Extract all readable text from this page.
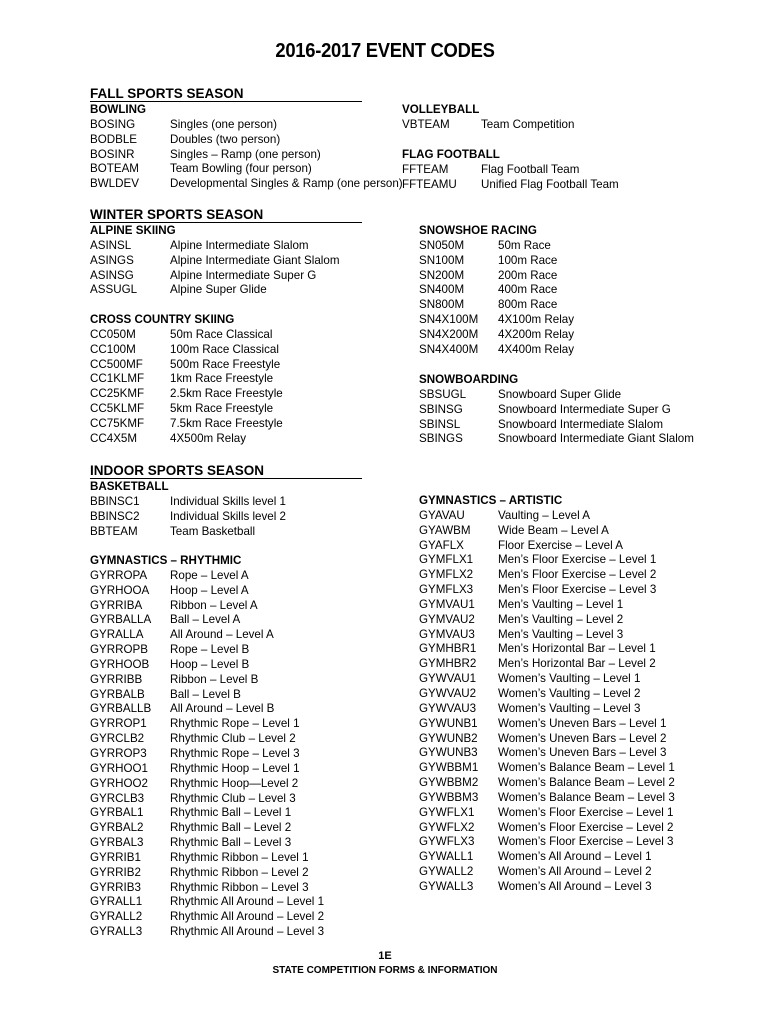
2016-2017 EVENT CODES
FALL SPORTS SEASON
BOWLING
BOSING	Singles (one person)
BODBLE	Doubles (two person)
BOSINR	Singles – Ramp (one person)
BOTEAM	Team Bowling (four person)
BWLDEV	Developmental Singles & Ramp (one person)
VOLLEYBALL
VBTEAM	Team Competition
FLAG FOOTBALL
FFTEAM	Flag Football Team
FFTEAMU Unified Flag Football Team
WINTER SPORTS SEASON
ALPINE SKIING
ASINSL	Alpine Intermediate Slalom
ASINGS	Alpine Intermediate Giant Slalom
ASINSG	Alpine Intermediate Super G
ASSUGL	Alpine Super Glide
CROSS COUNTRY SKIING
CC050M	50m Race Classical
CC100M	100m Race Classical
CC500MF 500m Race Freestyle
CC1KLMF 1km Race Freestyle
CC25KMF 2.5km Race Freestyle
CC5KLMF 5km Race Freestyle
CC75KMF 7.5km Race Freestyle
CC4X5M	4X500m Relay
SNOWSHOE RACING
SN050M	50m Race
SN100M	100m Race
SN200M	200m Race
SN400M	400m Race
SN800M	800m Race
SN4X100M 4X100m Relay
SN4X200M 4X200m Relay
SN4X400M 4X400m Relay
SNOWBOARDING
SBSUGL	Snowboard Super Glide
SBINSG	Snowboard Intermediate Super G
SBINSL	Snowboard Intermediate Slalom
SBINGS	Snowboard Intermediate Giant Slalom
INDOOR SPORTS SEASON
BASKETBALL
BBINSC1	Individual Skills level 1
BBINSC2	Individual Skills level 2
BBTEAM	Team Basketball
GYMNASTICS – RHYTHMIC
GYRROPA Rope – Level A
GYRHOOA Hoop – Level A
GYRRIBA Ribbon – Level A
GYRBALLA Ball – Level A
GYRALLA All Around – Level A
GYRROPB Rope – Level B
GYRHOOB Hoop – Level B
GYRRIBB Ribbon – Level B
GYRBALB Ball – Level B
GYRBALLB All Around – Level B
GYRROP1 Rhythmic Rope – Level 1
GYRCLB2 Rhythmic Club – Level 2
GYRROP3 Rhythmic Rope – Level 3
GYRHOO1 Rhythmic Hoop – Level 1
GYRHOO2 Rhythmic Hoop—Level 2
GYRCLB3 Rhythmic Club – Level 3
GYRBAL1 Rhythmic Ball – Level 1
GYRBAL2 Rhythmic Ball – Level 2
GYRBAL3 Rhythmic Ball – Level 3
GYRRIB1	Rhythmic Ribbon – Level 1
GYRRIB2	Rhythmic Ribbon – Level 2
GYRRIB3	Rhythmic Ribbon – Level 3
GYRALL1 Rhythmic All Around – Level 1
GYRALL2 Rhythmic All Around – Level 2
GYRALL3 Rhythmic All Around – Level 3
GYMNASTICS – ARTISTIC
GYAVAU	Vaulting – Level A
GYAWBM Wide Beam – Level A
GYAFLX	Floor Exercise – Level A
GYMFLX1 Men’s Floor Exercise – Level 1
GYMFLX2 Men’s Floor Exercise – Level 2
GYMFLX3 Men’s Floor Exercise – Level 3
GYMVAU1 Men’s Vaulting – Level 1
GYMVAU2 Men’s Vaulting – Level 2
GYMVAU3 Men’s Vaulting – Level 3
GYMHBR1 Men’s Horizontal Bar – Level 1
GYMHBR2 Men’s Horizontal Bar – Level 2
GYWVAU1 Women’s Vaulting – Level 1
GYWVAU2 Women’s Vaulting – Level 2
GYWVAU3 Women’s Vaulting – Level 3
GYWUNB1 Women’s Uneven Bars – Level 1
GYWUNB2 Women’s Uneven Bars – Level 2
GYWUNB3 Women’s Uneven Bars – Level 3
GYWBBM1 Women’s Balance Beam – Level 1
GYWBBM2 Women’s Balance Beam – Level 2
GYWBBM3 Women’s Balance Beam – Level 3
GYWFLX1 Women’s Floor Exercise – Level 1
GYWFLX2 Women’s Floor Exercise – Level 2
GYWFLX3 Women’s Floor Exercise – Level 3
GYWALL1 Women’s All Around – Level 1
GYWALL2 Women’s All Around – Level 2
GYWALL3 Women’s All Around – Level 3
1E
STATE COMPETITION FORMS & INFORMATION
